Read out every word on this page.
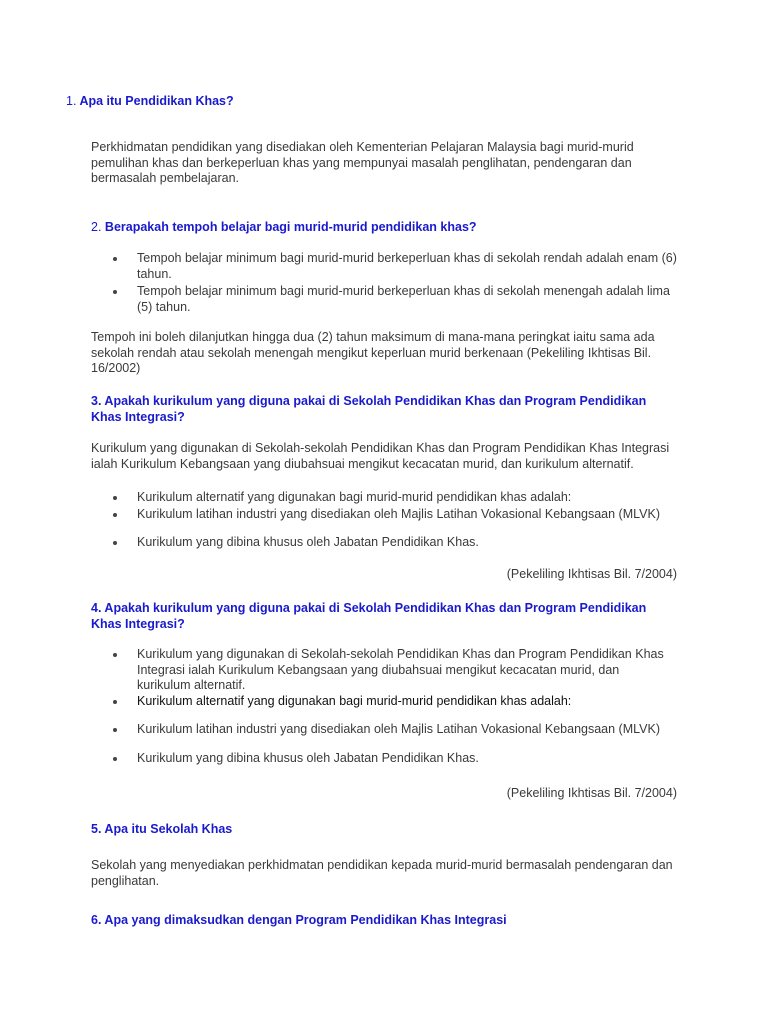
1. Apa itu Pendidikan Khas?
Perkhidmatan pendidikan yang disediakan oleh Kementerian Pelajaran Malaysia bagi murid-murid pemulihan khas dan berkeperluan khas yang mempunyai masalah penglihatan, pendengaran dan bermasalah pembelajaran.
2. Berapakah tempoh belajar bagi murid-murid pendidikan khas?
Tempoh belajar minimum bagi murid-murid berkeperluan khas di sekolah rendah adalah enam (6) tahun.
Tempoh belajar minimum bagi murid-murid berkeperluan khas di sekolah menengah adalah lima (5) tahun.
Tempoh ini boleh dilanjutkan hingga dua (2) tahun maksimum di mana-mana peringkat iaitu sama ada sekolah rendah atau sekolah menengah mengikut keperluan murid berkenaan (Pekeliling Ikhtisas Bil. 16/2002)
3. Apakah kurikulum yang diguna pakai di Sekolah Pendidikan Khas dan Program Pendidikan Khas Integrasi?
Kurikulum yang digunakan di Sekolah-sekolah Pendidikan Khas dan Program Pendidikan Khas Integrasi ialah Kurikulum Kebangsaan yang diubahsuai mengikut kecacatan murid, dan kurikulum alternatif.
Kurikulum alternatif yang digunakan bagi murid-murid pendidikan khas adalah:
Kurikulum latihan industri yang disediakan oleh Majlis Latihan Vokasional Kebangsaan (MLVK)
Kurikulum yang dibina khusus oleh Jabatan Pendidikan Khas.
(Pekeliling Ikhtisas Bil. 7/2004)
4. Apakah kurikulum yang diguna pakai di Sekolah Pendidikan Khas dan Program Pendidikan Khas Integrasi?
Kurikulum yang digunakan di Sekolah-sekolah Pendidikan Khas dan Program Pendidikan Khas Integrasi ialah Kurikulum Kebangsaan yang diubahsuai mengikut kecacatan murid, dan kurikulum alternatif.
Kurikulum alternatif yang digunakan bagi murid-murid pendidikan khas adalah:
Kurikulum latihan industri yang disediakan oleh Majlis Latihan Vokasional Kebangsaan (MLVK)
Kurikulum yang dibina khusus oleh Jabatan Pendidikan Khas.
(Pekeliling Ikhtisas Bil. 7/2004)
5. Apa itu Sekolah Khas
Sekolah yang menyediakan perkhidmatan pendidikan kepada murid-murid bermasalah pendengaran dan penglihatan.
6. Apa yang dimaksudkan dengan Program Pendidikan Khas Integrasi
